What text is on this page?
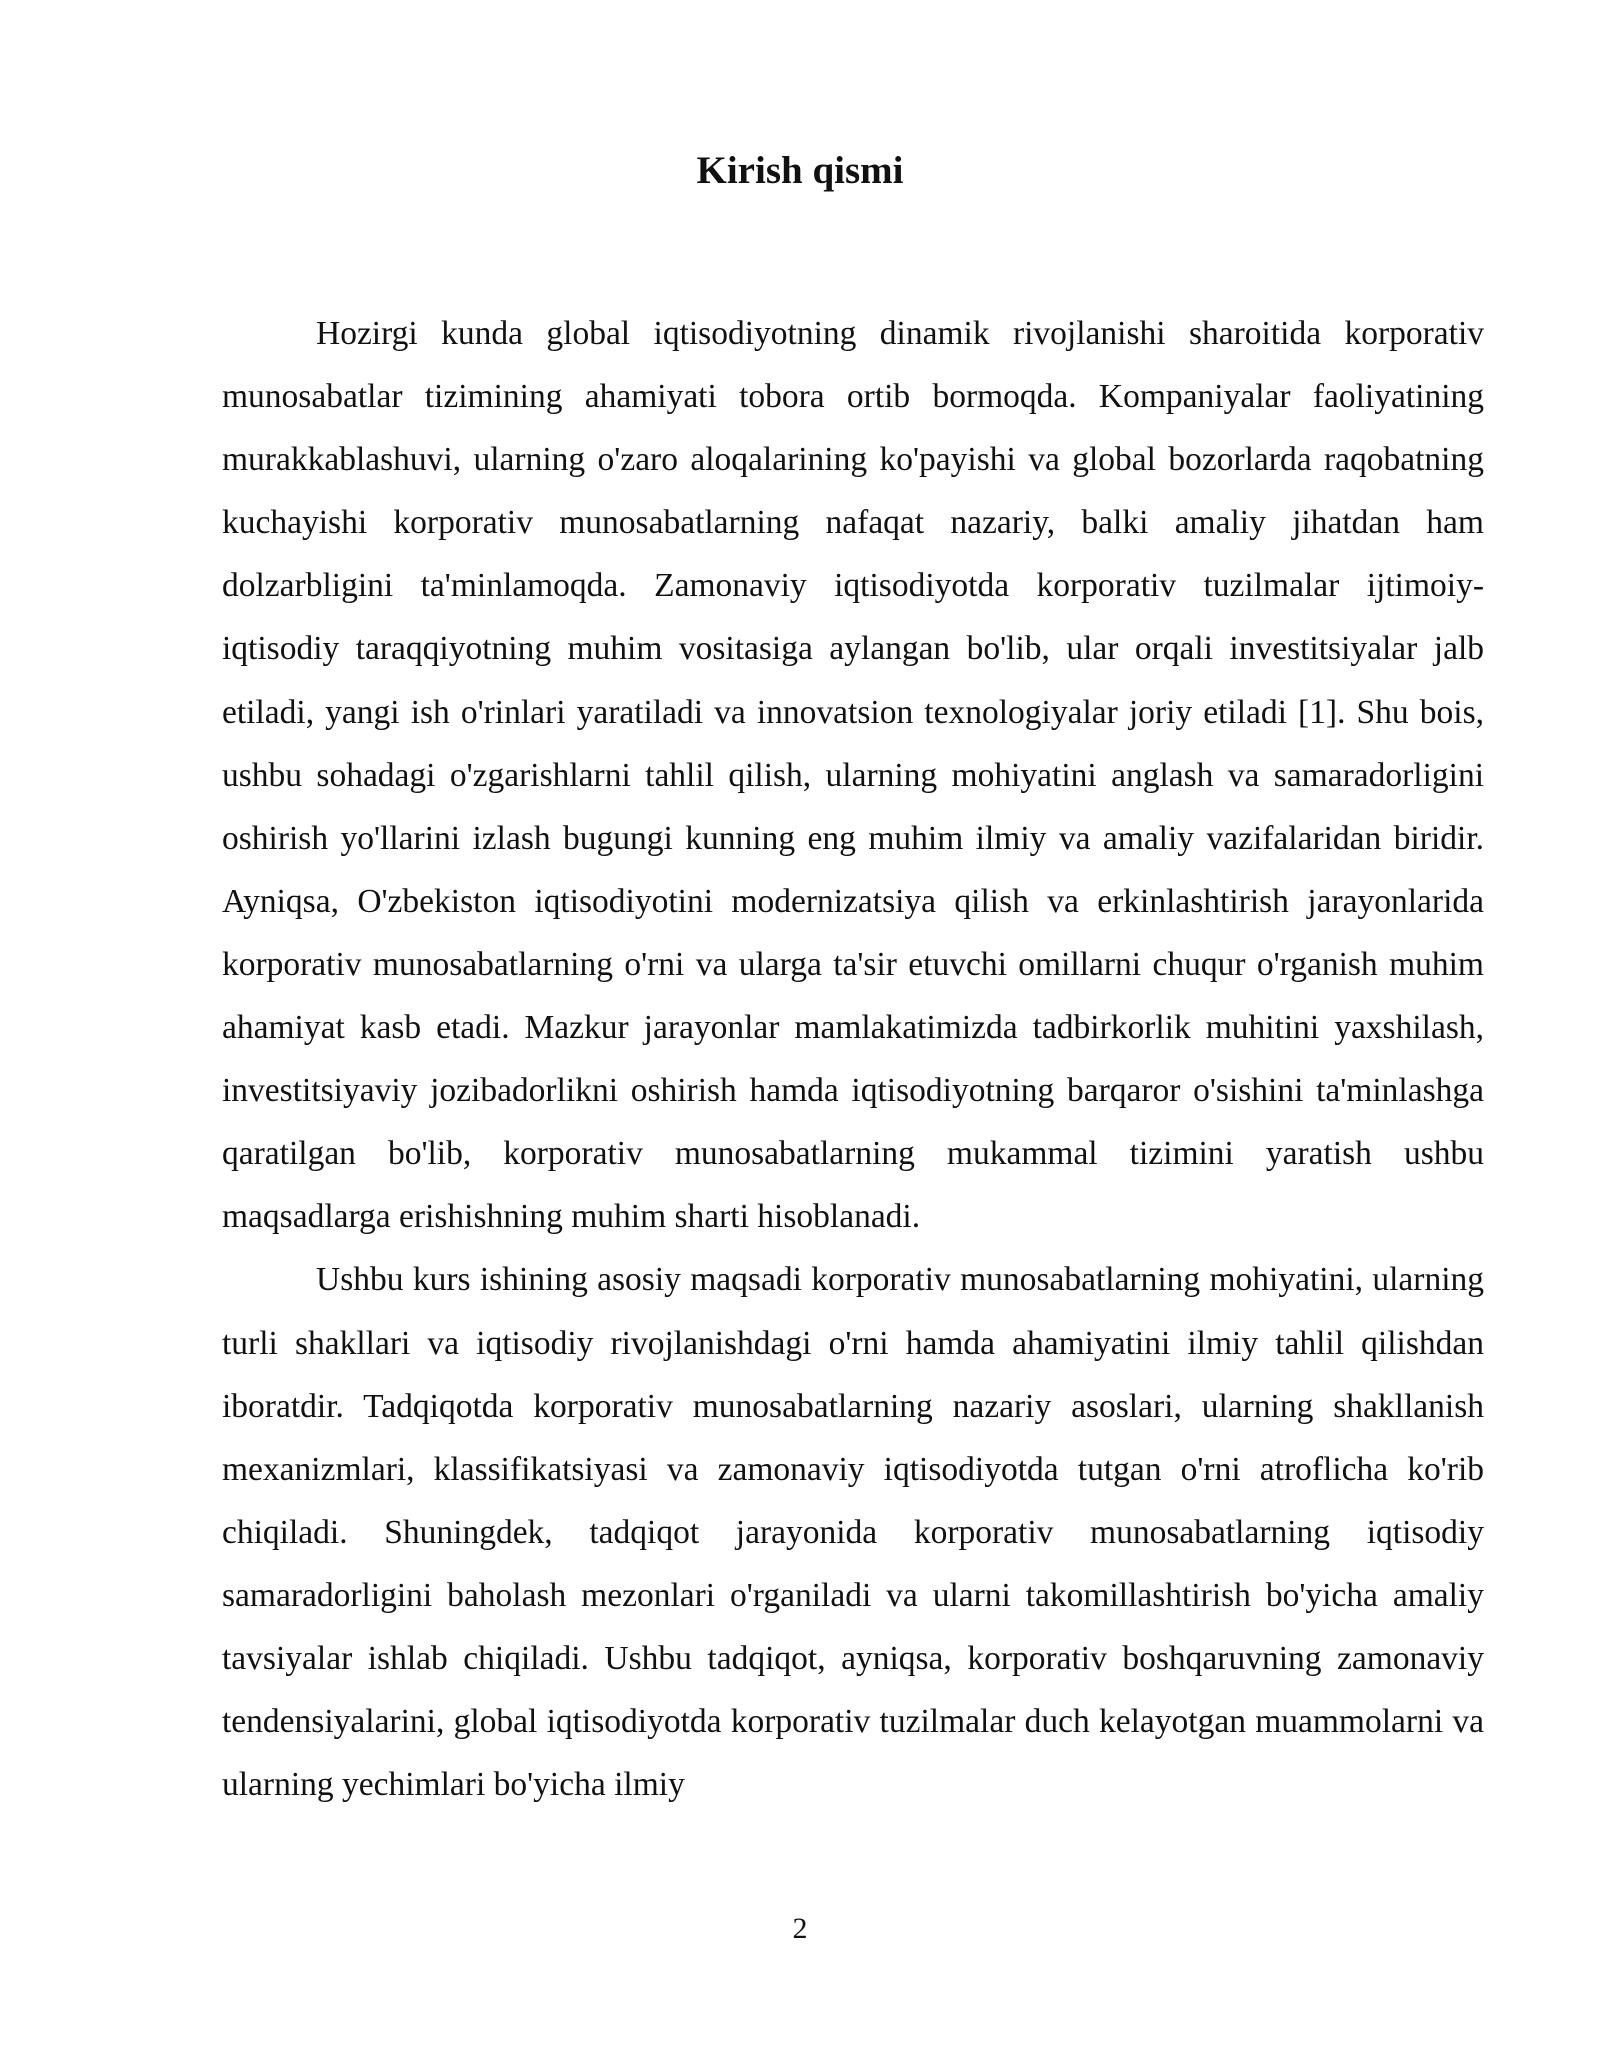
Kirish qismi

Hozirgi kunda global iqtisodiyotning dinamik rivojlanishi sharoitida korporativ munosabatlar tizimining ahamiyati tobora ortib bormoqda. Kompaniyalar faoliyatining murakkablashuvi, ularning o'zaro aloqalarining ko'payishi va global bozorlarda raqobatning kuchayishi korporativ munosabatlarning nafaqat nazariy, balki amaliy jihatdan ham dolzarbligini ta'minlamoqda. Zamonaviy iqtisodiyotda korporativ tuzilmalar ijtimoiy-iqtisodiy taraqqiyotning muhim vositasiga aylangan bo'lib, ular orqali investitsiyalar jalb etiladi, yangi ish o'rinlari yaratiladi va innovatsion texnologiyalar joriy etiladi [1]. Shu bois, ushbu sohadagi o'zgarishlarni tahlil qilish, ularning mohiyatini anglash va samaradorligini oshirish yo'llarini izlash bugungi kunning eng muhim ilmiy va amaliy vazifalaridan biridir. Ayniqsa, O'zbekiston iqtisodiyotini modernizatsiya qilish va erkinlashtirish jarayonlarida korporativ munosabatlarning o'rni va ularga ta'sir etuvchi omillarni chuqur o'rganish muhim ahamiyat kasb etadi. Mazkur jarayonlar mamlakatimizda tadbirkorlik muhitini yaxshilash, investitsiyaviy jozibadorlikni oshirish hamda iqtisodiyotning barqaror o'sishini ta'minlashga qaratilgan bo'lib, korporativ munosabatlarning mukammal tizimini yaratish ushbu maqsadlarga erishishning muhim sharti hisoblanadi.

Ushbu kurs ishining asosiy maqsadi korporativ munosabatlarning mohiyatini, ularning turli shakllari va iqtisodiy rivojlanishdagi o'rni hamda ahamiyatini ilmiy tahlil qilishdan iboratdir. Tadqiqotda korporativ munosabatlarning nazariy asoslari, ularning shakllanish mexanizmlari, klassifikatsiyasi va zamonaviy iqtisodiyotda tutgan o'rni atroflicha ko'rib chiqiladi. Shuningdek, tadqiqot jarayonida korporativ munosabatlarning iqtisodiy samaradorligini baholash mezonlari o'rganiladi va ularni takomillashtirish bo'yicha amaliy tavsiyalar ishlab chiqiladi. Ushbu tadqiqot, ayniqsa, korporativ boshqaruvning zamonaviy tendensiyalarini, global iqtisodiyotda korporativ tuzilmalar duch kelayotgan muammolarni va ularning yechimlari bo'yicha ilmiy

2
